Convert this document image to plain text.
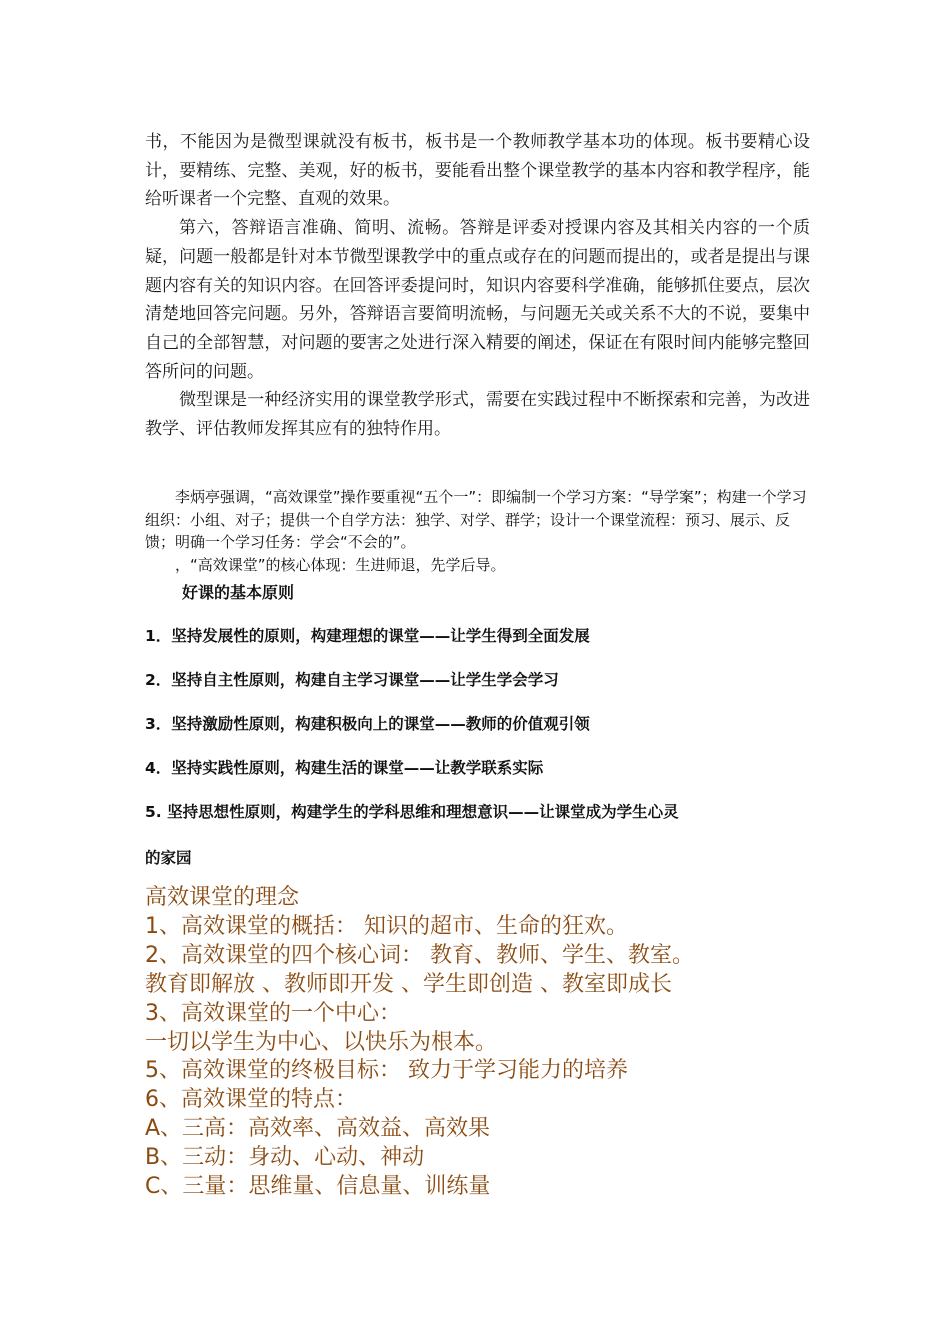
书，不能因为是微型课就没有板书，板书是一个教师教学基本功的体现。板书要精心设计，要精练、完整、美观，好的板书，要能看出整个课堂教学的基本内容和教学程序，能给听课者一个完整、直观的效果。

第六，答辩语言准确、简明、流畅。答辩是评委对授课内容及其相关内容的一个质疑，问题一般都是针对本节微型课教学中的重点或存在的问题而提出的，或者是提出与课题内容有关的知识内容。在回答评委提问时，知识内容要科学准确，能够抓住要点，层次清楚地回答完问题。另外，答辩语言要简明流畅，与问题无关或关系不大的不说，要集中自己的全部智慧，对问题的要害之处进行深入精要的阐述，保证在有限时间内能够完整回答所问的问题。

微型课是一种经济实用的课堂教学形式，需要在实践过程中不断探索和完善，为改进教学、评估教师发挥其应有的独特作用。

李炳亭强调，“高效课堂”操作要重视“五个一”：即编制一个学习方案：“导学案”；构建一个学习组织：小组、对子；提供一个自学方法：独学、对学、群学；设计一个课堂流程：预习、展示、反馈；明确一个学习任务：学会“不会的”。

，“高效课堂”的核心体现：生进师退，先学后导。

好课的基本原则
1．坚持发展性的原则，构建理想的课堂——让学生得到全面发展
2．坚持自主性原则，构建自主学习课堂——让学生学会学习
3．坚持激励性原则，构建积极向上的课堂——教师的价值观引领
4．坚持实践性原则，构建生活的课堂——让教学联系实际
5. 坚持思想性原则，构建学生的学科思维和理想意识——让课堂成为学生心灵
的家园
高效课堂的理念
1、高效课堂的概括： 知识的超市、生命的狂欢。
2、高效课堂的四个核心词： 教育、教师、学生、教室。
教育即解放 、教师即开发 、学生即创造 、教室即成长
3、高效课堂的一个中心：
一切以学生为中心、以快乐为根本。
5、高效课堂的终极目标： 致力于学习能力的培养
6、高效课堂的特点：
A、三高：高效率、高效益、高效果
B、三动：身动、心动、神动
C、三量：思维量、信息量、训练量
